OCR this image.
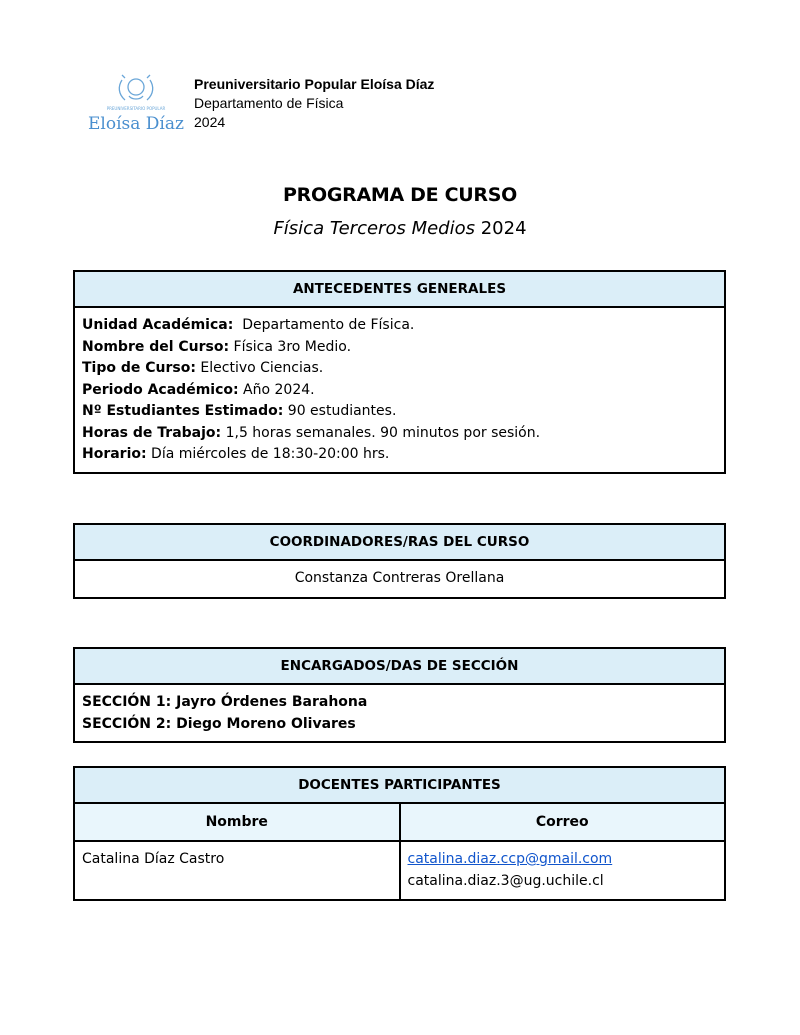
PREUNIVERSITARIO POPULAR
Eloísa Díaz
Preuniversitario Popular Eloísa Díaz
Departamento de Física
2024
PROGRAMA DE CURSO
Física Terceros Medios 2024
ANTECEDENTES GENERALES

Unidad Académica:  Departamento de Física.
Nombre del Curso: Física 3ro Medio.
Tipo de Curso: Electivo Ciencias.
Periodo Académico: Año 2024.
Nº Estudiantes Estimado: 90 estudiantes.
Horas de Trabajo: 1,5 horas semanales. 90 minutos por sesión.
Horario: Día miércoles de 18:30-20:00 hrs.
COORDINADORES/RAS DEL CURSO
Constanza Contreras Orellana
ENCARGADOS/DAS DE SECCIÓN

SECCIÓN 1: Jayro Órdenes Barahona
SECCIÓN 2: Diego Moreno Olivares
DOCENTES PARTICIPANTES	
Nombre	Correo
Catalina Díaz Castro	catalina.diaz.ccp@gmail.com
catalina.diaz.3@ug.uchile.cl
